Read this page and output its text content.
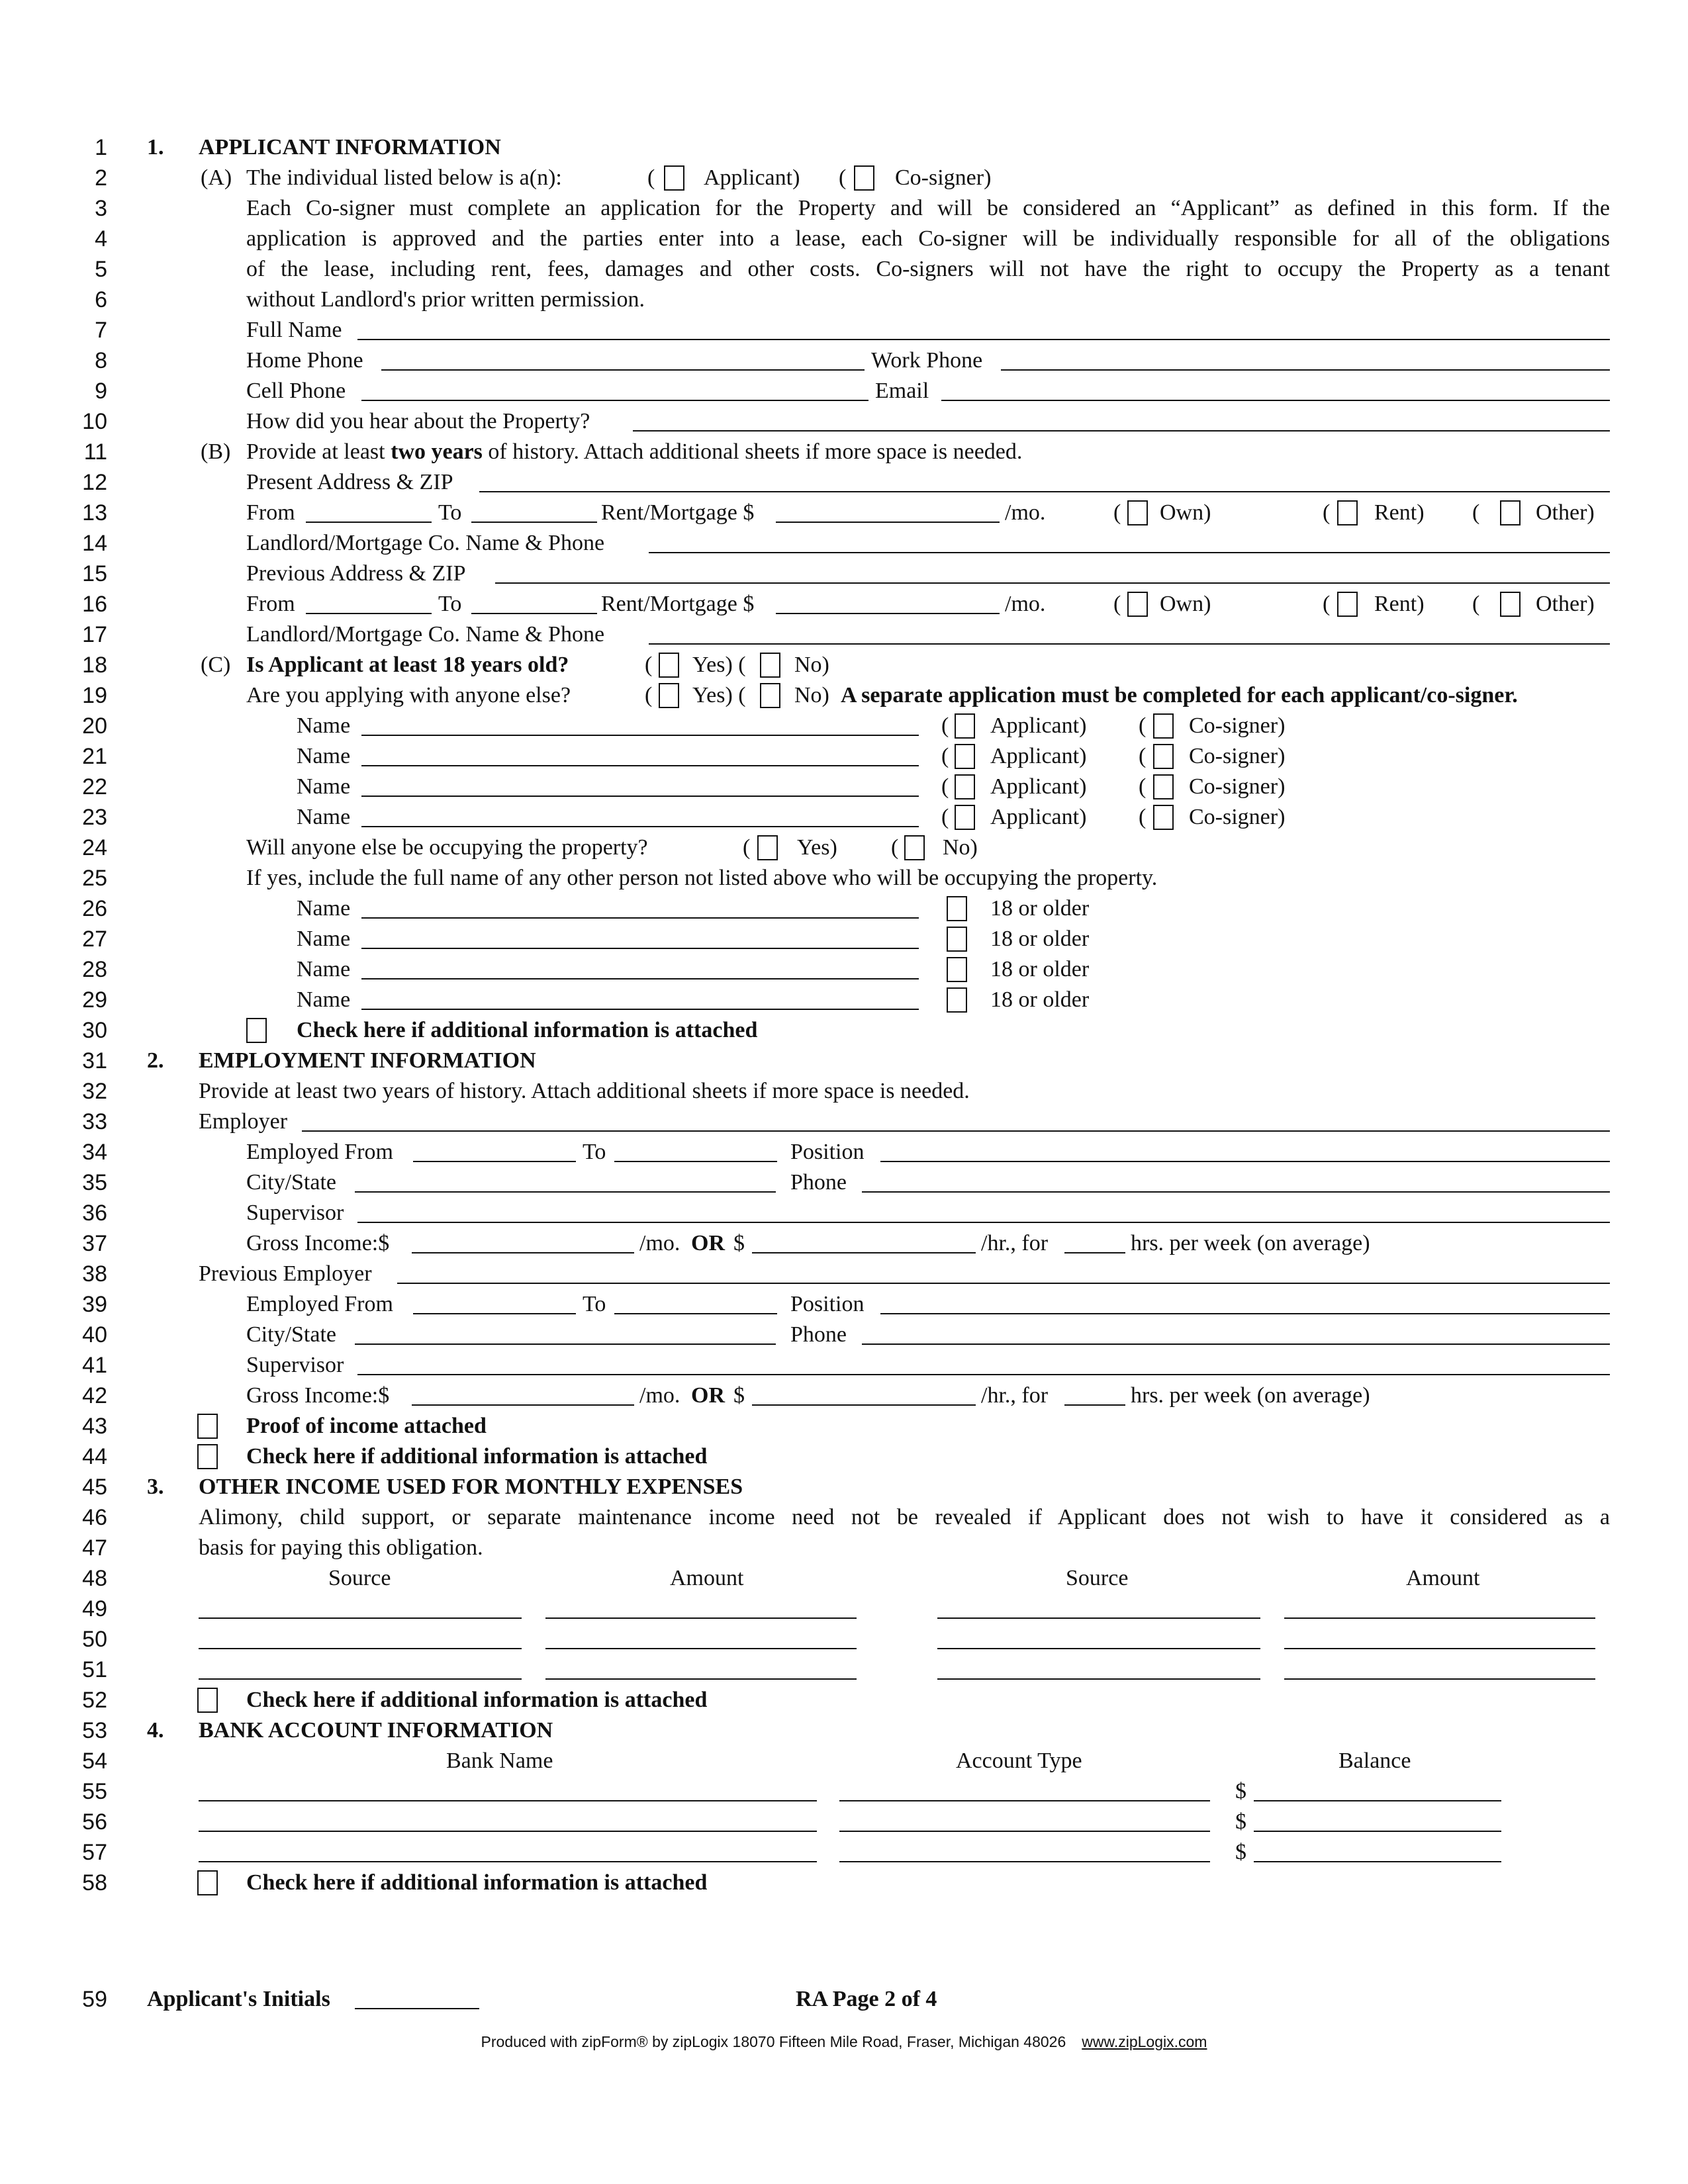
1
2
3
4
5
6
7
8
9
10
11
12
13
14
15
16
17
18
19
20
21
22
23
24
25
26
27
28
29
30
31
32
33
34
35
36
37
38
39
40
41
42
43
44
45
46
47
48
49
50
51
52
53
54
55
56
57
58
59
1. APPLICANT INFORMATION
(A) The individual listed below is a(n):	( Applicant) ( Co-signer)
Each Co-signer must complete an application for the Property and will be considered an “Applicant” as defined in this form. If the
application is approved and the parties enter into a lease, each Co-signer will be individually responsible for all of the obligations
of the lease, including rent, fees, damages and other costs. Co-signers will not have the right to occupy the Property as a tenant
without Landlord's prior written permission.
Full Name
Home Phone	Work Phone
Cell Phone	Email
How did you hear about the Property?
(B) Provide at least two years of history. Attach additional sheets if more space is needed.
Present Address & ZIP
From	To	Rent/Mortgage $	/mo.	( Own)	( Rent) ( Other)
Landlord/Mortgage Co. Name & Phone
Previous Address & ZIP
From	To	Rent/Mortgage $	/mo.	( Own)	( Rent) ( Other)
Landlord/Mortgage Co. Name & Phone
(C) Is Applicant at least 18 years old?	( Yes) ( No)
Are you applying with anyone else?	( Yes) ( No) A separate application must be completed for each applicant/co-signer.
Name	( Applicant) ( Co-signer)
Name	( Applicant) ( Co-signer)
Name	( Applicant) ( Co-signer)
Name	( Applicant) ( Co-signer)
Will anyone else be occupying the property?	( Yes) ( No)
If yes, include the full name of any other person not listed above who will be occupying the property.
Name	18 or older
Name	18 or older
Name	18 or older
Name	18 or older
Check here if additional information is attached
2. EMPLOYMENT INFORMATION
Provide at least two years of history. Attach additional sheets if more space is needed.
Employer
Employed From	To	Position
City/State	Phone
Supervisor
Gross Income:$	/mo. OR $	/hr., for	hrs. per week (on average)
Previous Employer
Employed From	To	Position
City/State	Phone
Supervisor
Gross Income:$	/mo. OR $	/hr., for	hrs. per week (on average)
Proof of income attached
Check here if additional information is attached
3. OTHER INCOME USED FOR MONTHLY EXPENSES
Alimony, child support, or separate maintenance income need not be revealed if Applicant does not wish to have it considered as a
basis for paying this obligation.
Source	Amount	Source	Amount
Check here if additional information is attached
4. BANK ACCOUNT INFORMATION
Bank Name	Account Type	Balance
$
$
$
Check here if additional information is attached
Applicant's Initials	RA Page 2 of 4
Produced with zipForm® by zipLogix 18070 Fifteen Mile Road, Fraser, Michigan 48026 www.zipLogix.com
